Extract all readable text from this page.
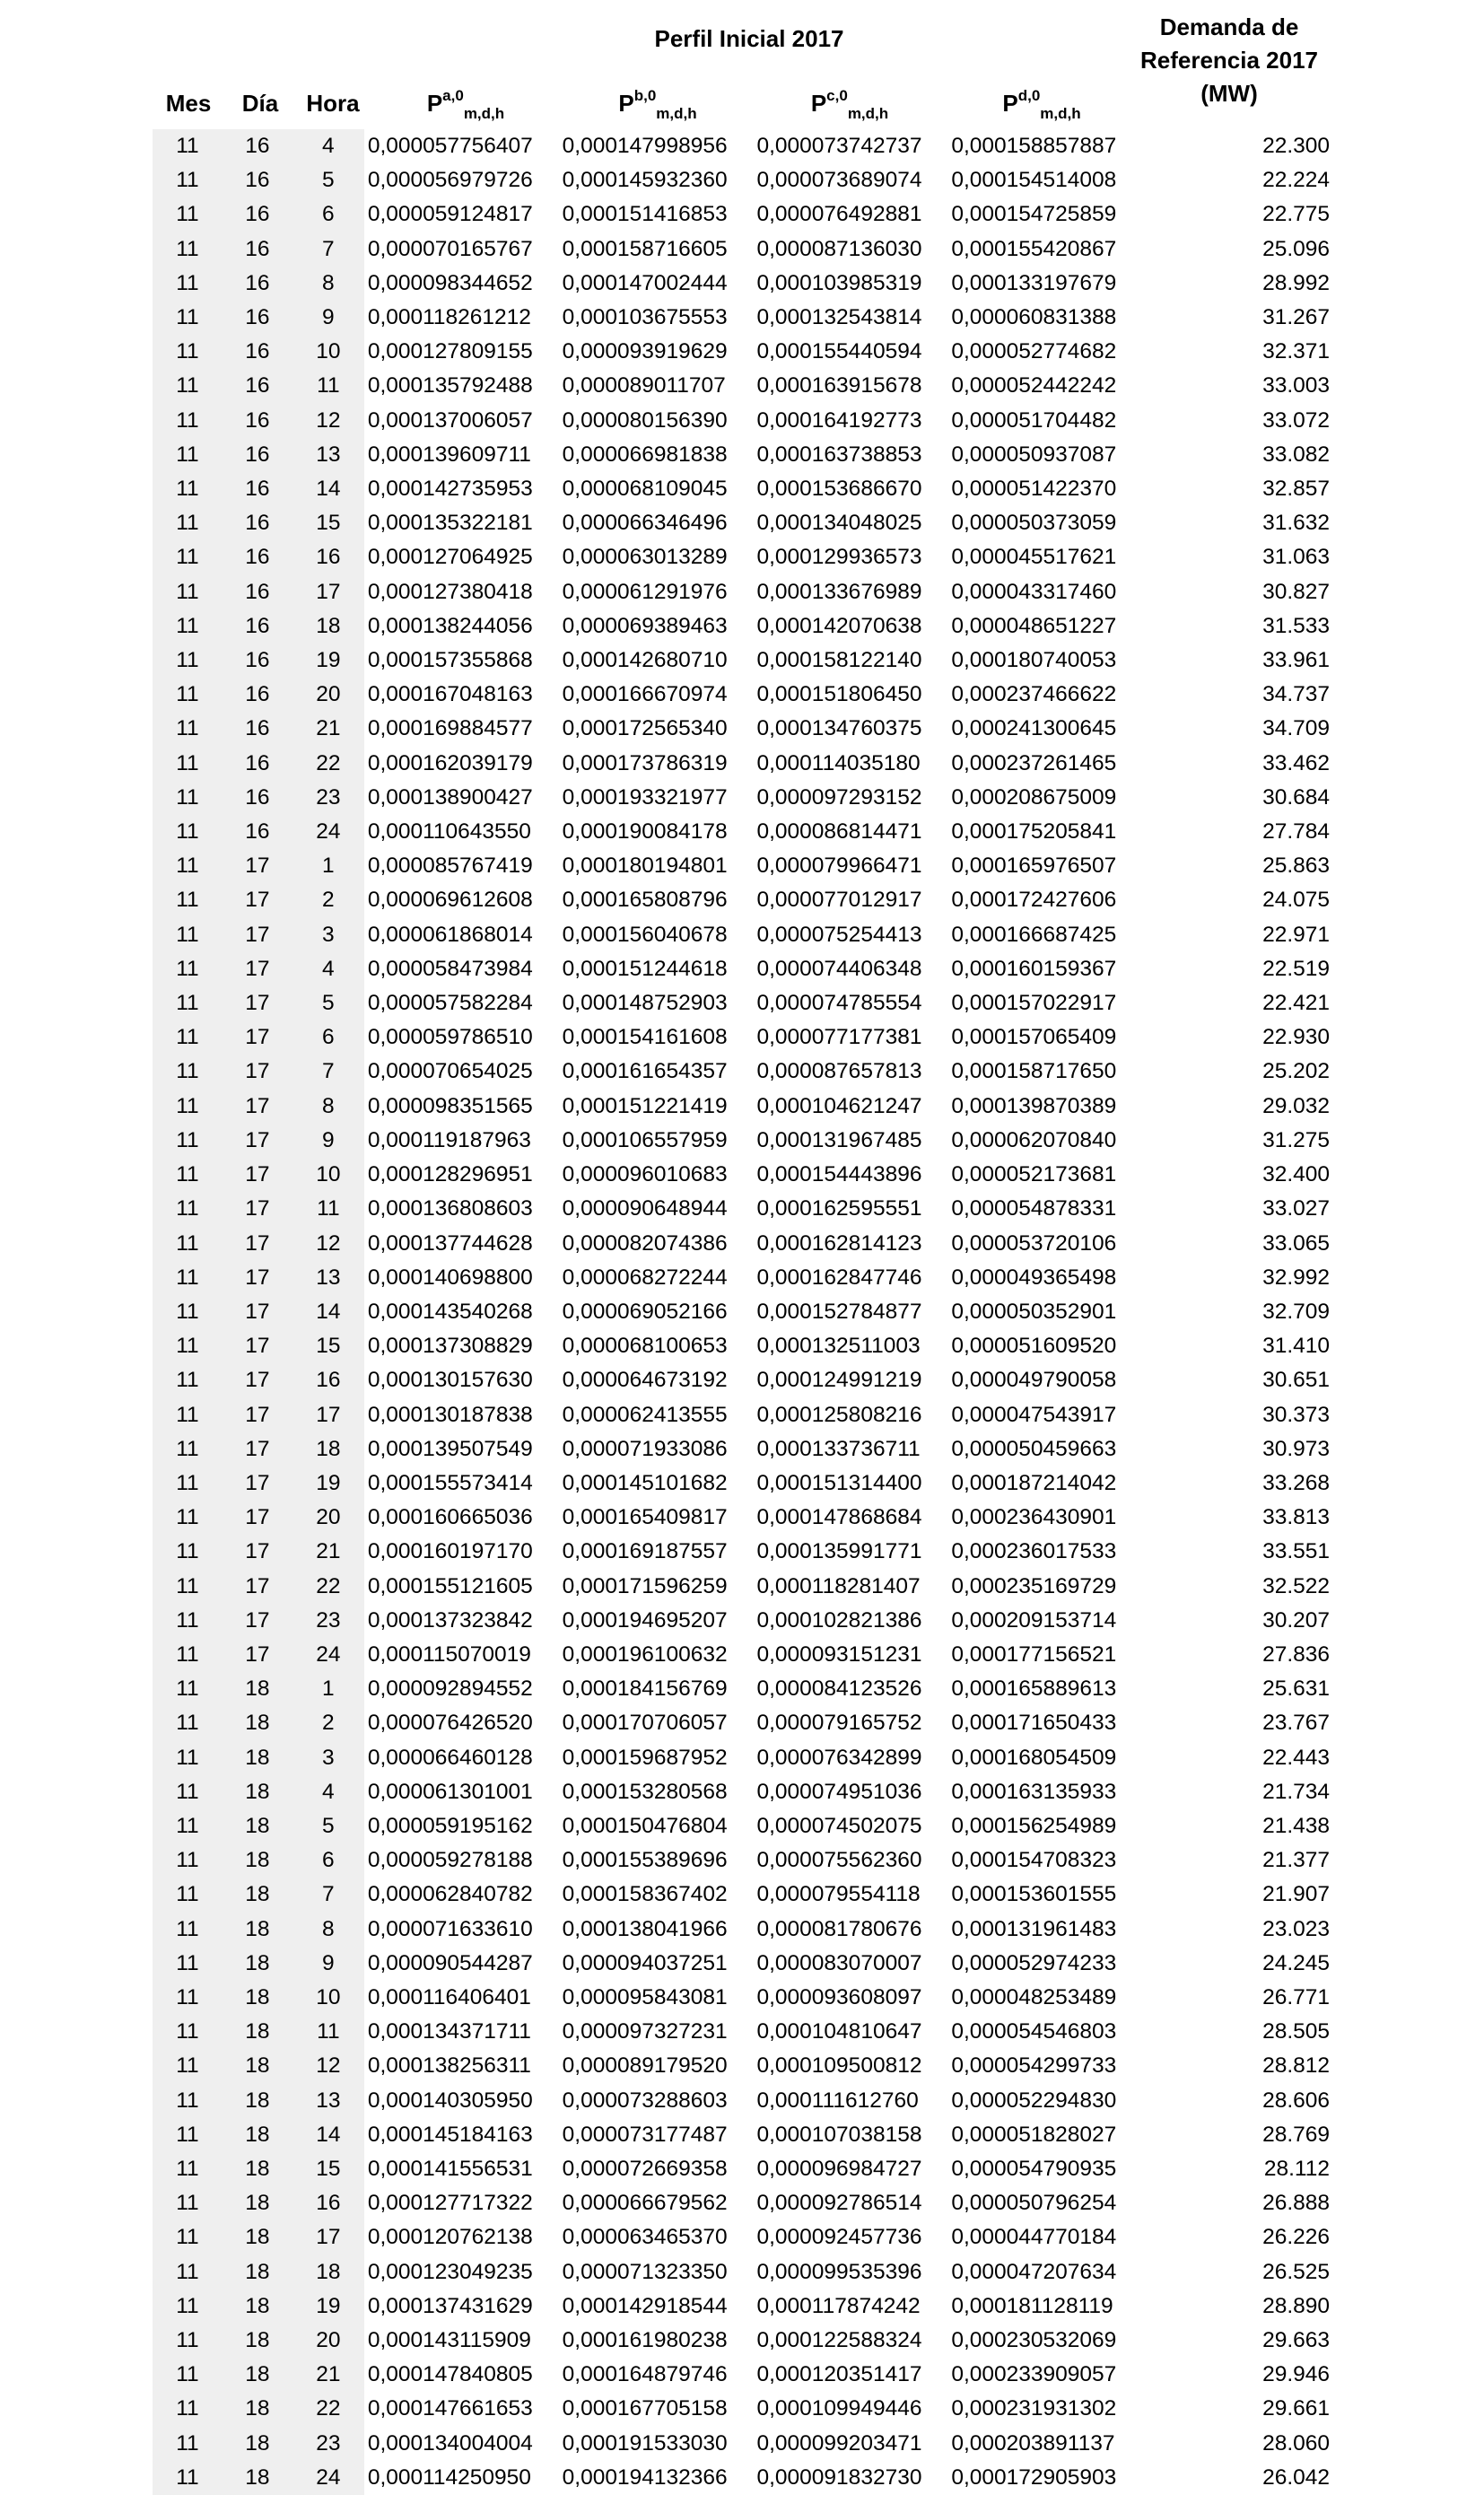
Perfil Inicial 2017	Demanda de
Referencia 2017
(MW)
Mes	Día	Hora	P$^{a,0}_{m,d,h}$	P$^{b,0}_{m,d,h}$	P$^{c,0}_{m,d,h}$	P$^{d,0}_{m,d,h}$
11	16	4	0,000057756407	0,000147998956	0,000073742737	0,000158857887	22.300
11	16	5	0,000056979726	0,000145932360	0,000073689074	0,000154514008	22.224
11	16	6	0,000059124817	0,000151416853	0,000076492881	0,000154725859	22.775
11	16	7	0,000070165767	0,000158716605	0,000087136030	0,000155420867	25.096
11	16	8	0,000098344652	0,000147002444	0,000103985319	0,000133197679	28.992
11	16	9	0,000118261212	0,000103675553	0,000132543814	0,000060831388	31.267
11	16	10	0,000127809155	0,000093919629	0,000155440594	0,000052774682	32.371
11	16	11	0,000135792488	0,000089011707	0,000163915678	0,000052442242	33.003
11	16	12	0,000137006057	0,000080156390	0,000164192773	0,000051704482	33.072
11	16	13	0,000139609711	0,000066981838	0,000163738853	0,000050937087	33.082
11	16	14	0,000142735953	0,000068109045	0,000153686670	0,000051422370	32.857
11	16	15	0,000135322181	0,000066346496	0,000134048025	0,000050373059	31.632
11	16	16	0,000127064925	0,000063013289	0,000129936573	0,000045517621	31.063
11	16	17	0,000127380418	0,000061291976	0,000133676989	0,000043317460	30.827
11	16	18	0,000138244056	0,000069389463	0,000142070638	0,000048651227	31.533
11	16	19	0,000157355868	0,000142680710	0,000158122140	0,000180740053	33.961
11	16	20	0,000167048163	0,000166670974	0,000151806450	0,000237466622	34.737
11	16	21	0,000169884577	0,000172565340	0,000134760375	0,000241300645	34.709
11	16	22	0,000162039179	0,000173786319	0,000114035180	0,000237261465	33.462
11	16	23	0,000138900427	0,000193321977	0,000097293152	0,000208675009	30.684
11	16	24	0,000110643550	0,000190084178	0,000086814471	0,000175205841	27.784
11	17	1	0,000085767419	0,000180194801	0,000079966471	0,000165976507	25.863
11	17	2	0,000069612608	0,000165808796	0,000077012917	0,000172427606	24.075
11	17	3	0,000061868014	0,000156040678	0,000075254413	0,000166687425	22.971
11	17	4	0,000058473984	0,000151244618	0,000074406348	0,000160159367	22.519
11	17	5	0,000057582284	0,000148752903	0,000074785554	0,000157022917	22.421
11	17	6	0,000059786510	0,000154161608	0,000077177381	0,000157065409	22.930
11	17	7	0,000070654025	0,000161654357	0,000087657813	0,000158717650	25.202
11	17	8	0,000098351565	0,000151221419	0,000104621247	0,000139870389	29.032
11	17	9	0,000119187963	0,000106557959	0,000131967485	0,000062070840	31.275
11	17	10	0,000128296951	0,000096010683	0,000154443896	0,000052173681	32.400
11	17	11	0,000136808603	0,000090648944	0,000162595551	0,000054878331	33.027
11	17	12	0,000137744628	0,000082074386	0,000162814123	0,000053720106	33.065
11	17	13	0,000140698800	0,000068272244	0,000162847746	0,000049365498	32.992
11	17	14	0,000143540268	0,000069052166	0,000152784877	0,000050352901	32.709
11	17	15	0,000137308829	0,000068100653	0,000132511003	0,000051609520	31.410
11	17	16	0,000130157630	0,000064673192	0,000124991219	0,000049790058	30.651
11	17	17	0,000130187838	0,000062413555	0,000125808216	0,000047543917	30.373
11	17	18	0,000139507549	0,000071933086	0,000133736711	0,000050459663	30.973
11	17	19	0,000155573414	0,000145101682	0,000151314400	0,000187214042	33.268
11	17	20	0,000160665036	0,000165409817	0,000147868684	0,000236430901	33.813
11	17	21	0,000160197170	0,000169187557	0,000135991771	0,000236017533	33.551
11	17	22	0,000155121605	0,000171596259	0,000118281407	0,000235169729	32.522
11	17	23	0,000137323842	0,000194695207	0,000102821386	0,000209153714	30.207
11	17	24	0,000115070019	0,000196100632	0,000093151231	0,000177156521	27.836
11	18	1	0,000092894552	0,000184156769	0,000084123526	0,000165889613	25.631
11	18	2	0,000076426520	0,000170706057	0,000079165752	0,000171650433	23.767
11	18	3	0,000066460128	0,000159687952	0,000076342899	0,000168054509	22.443
11	18	4	0,000061301001	0,000153280568	0,000074951036	0,000163135933	21.734
11	18	5	0,000059195162	0,000150476804	0,000074502075	0,000156254989	21.438
11	18	6	0,000059278188	0,000155389696	0,000075562360	0,000154708323	21.377
11	18	7	0,000062840782	0,000158367402	0,000079554118	0,000153601555	21.907
11	18	8	0,000071633610	0,000138041966	0,000081780676	0,000131961483	23.023
11	18	9	0,000090544287	0,000094037251	0,000083070007	0,000052974233	24.245
11	18	10	0,000116406401	0,000095843081	0,000093608097	0,000048253489	26.771
11	18	11	0,000134371711	0,000097327231	0,000104810647	0,000054546803	28.505
11	18	12	0,000138256311	0,000089179520	0,000109500812	0,000054299733	28.812
11	18	13	0,000140305950	0,000073288603	0,000111612760	0,000052294830	28.606
11	18	14	0,000145184163	0,000073177487	0,000107038158	0,000051828027	28.769
11	18	15	0,000141556531	0,000072669358	0,000096984727	0,000054790935	28.112
11	18	16	0,000127717322	0,000066679562	0,000092786514	0,000050796254	26.888
11	18	17	0,000120762138	0,000063465370	0,000092457736	0,000044770184	26.226
11	18	18	0,000123049235	0,000071323350	0,000099535396	0,000047207634	26.525
11	18	19	0,000137431629	0,000142918544	0,000117874242	0,000181128119	28.890
11	18	20	0,000143115909	0,000161980238	0,000122588324	0,000230532069	29.663
11	18	21	0,000147840805	0,000164879746	0,000120351417	0,000233909057	29.946
11	18	22	0,000147661653	0,000167705158	0,000109949446	0,000231931302	29.661
11	18	23	0,000134004004	0,000191533030	0,000099203471	0,000203891137	28.060
11	18	24	0,000114250950	0,000194132366	0,000091832730	0,000172905903	26.042
